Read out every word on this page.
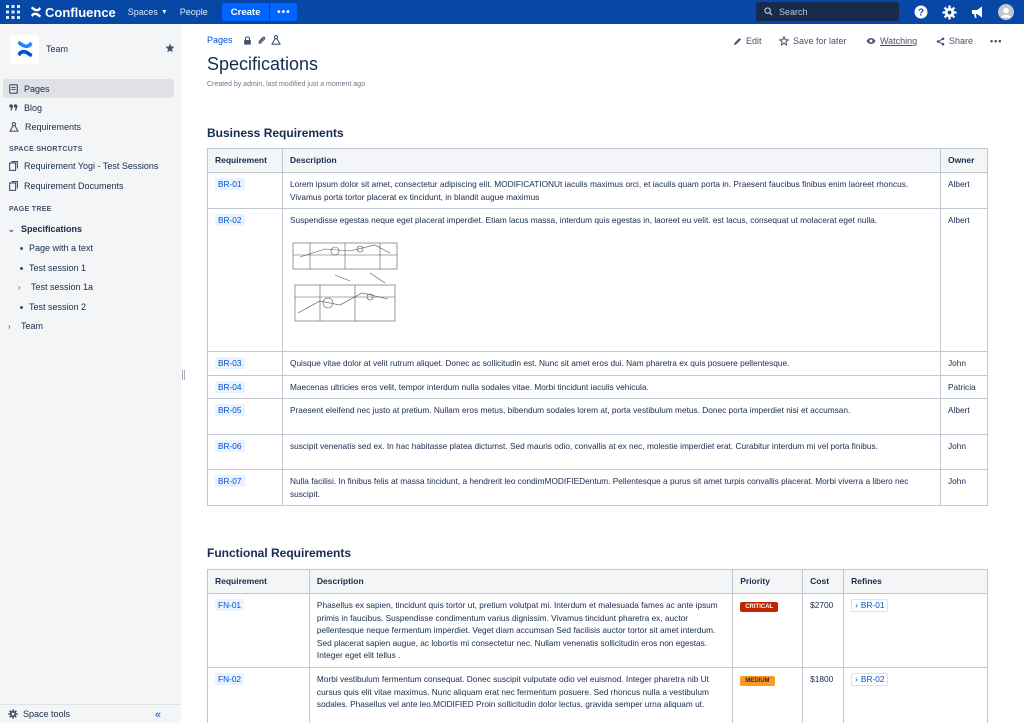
Confluence Spaces ▼ People	Create	•••
Search	?
Team
Pages
Blog
Requirements
SPACE SHORTCUTS
Requirement Yogi - Test Sessions
Requirement Documents
PAGE TREE
⌄ Specifications
Page with a text
Test session 1
›	Test session 1a
Test session 2
›	Team
Space tools	«
Pages	Edit	Save for later	Watching	Share •••
Specifications
Created by admin, last modified just a moment ago
Business Requirements
Requirement	Description	Owner
BR-01	Lorem ipsum dolor sit amet, consectetur adipiscing elit. MODIFICATIONUt iaculis maximus orci, et iaculis quam porta in. Praesent faucibus finibus enim laoreet rhoncus. Vivamus porta tortor placerat ex tincidunt, in blandit augue maximus	Albert
BR-02	Suspendisse egestas neque eget placerat imperdiet. Etiam lacus massa, interdum quis egestas in, laoreet eu velit. est lacus, consequat ut molacerat eget nulla.	Albert
BR-03	Quisque vitae dolor at velit rutrum aliquet. Donec ac sollicitudin est. Nunc sit amet eros dui. Nam pharetra ex quis posuere pellentesque.	John
BR-04	Maecenas ultricies eros velit, tempor interdum nulla sodales vitae. Morbi tincidunt iaculis vehicula.	Patricia
BR-05	Praesent eleifend nec justo at pretium. Nullam eros metus, bibendum sodales lorem at, porta vestibulum metus. Donec porta imperdiet nisi et accumsan.	Albert
BR-06	suscipit venenatis sed ex. In hac habitasse platea dictumst. Sed mauris odio, convallis at ex nec, molestie imperdiet erat. Curabitur interdum mi vel porta finibus.	John
BR-07	Nulla facilisi. In finibus felis at massa tincidunt, a hendrerit leo condimMODIFIEDentum. Pellentesque a purus sit amet turpis convallis placerat. Morbi viverra a libero nec suscipit.	John
Functional Requirements
Requirement	Description	Priority	Cost	Refines
FN-01	Phasellus ex sapien, tincidunt quis tortor ut, pretium volutpat mi. Interdum et malesuada fames ac ante ipsum primis in faucibus. Suspendisse condimentum varius dignissim. Vivamus tincidunt pharetra ex, auctor pellentesque neque fermentum imperdiet. Veget diam accumsan Sed facilisis auctor tortor sit amet interdum. Sed placerat sapien augue, ac lobortis mi consectetur nec. Nullam venenatis sollicitudin eros non egestas. Integer eget elit tellus .	CRITICAL	$2700	› BR-01

FN-02	Morbi vestibulum fermentum consequat. Donec suscipit vulputate odio vel euismod. Integer pharetra nib Ut cursus quis elit vitae maximus. Nunc aliquam erat nec fermentum posuere. Sed rhoncus nulla a vestibulum sodales. Phasellus vel ante leo.MODIFIED Proin sollicitudin dolor lectus, gravida semper urna aliquam ut.	MEDIUM	$1800	› BR-02
